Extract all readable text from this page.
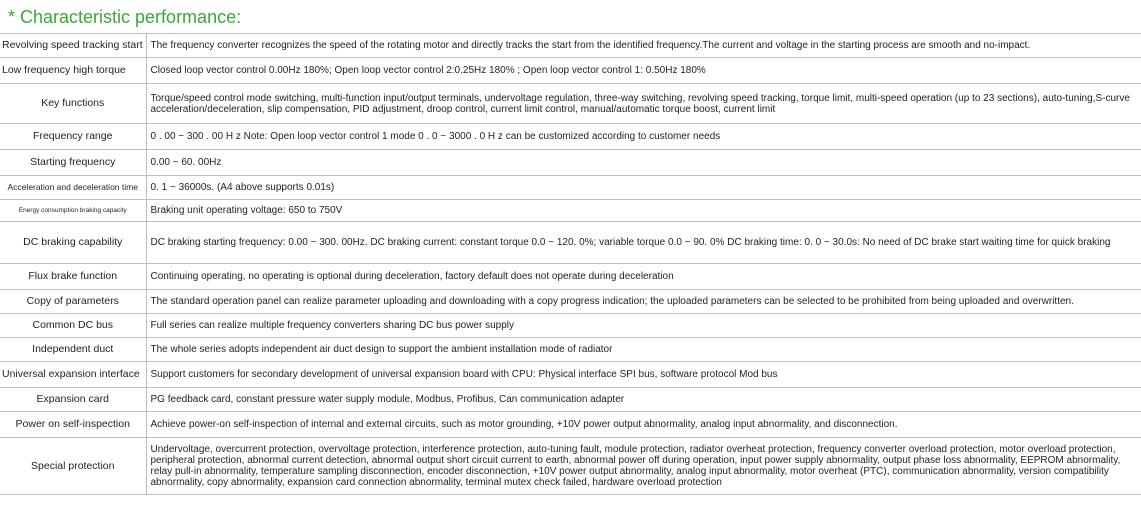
* Characteristic performance:
Revolving speed tracking start	The frequency converter recognizes the speed of the rotating motor and directly tracks the start from the identified frequency.The current and voltage in the starting process are smooth and no-impact.
Low frequency high torque	Closed loop vector control 0.00Hz 180%; Open loop vector control 2:0.25Hz 180% ; Open loop vector control 1: 0.50Hz 180%
Key functions	Torque/speed control mode switching, multi-function input/output terminals, undervoltage regulation, three-way switching, revolving speed tracking, torque limit, multi-speed operation (up to 23 sections), auto-tuning,S-curve acceleration/deceleration, slip compensation, PID adjustment, droop control, current limit control, manual/automatic torque boost, current limit
Frequency range	0 . 00 ~ 300 . 00 H z Note: Open loop vector control 1 mode 0 . 0 ~ 3000 . 0 H z can be customized according to customer needs
Starting frequency	0.00 ~ 60. 00Hz
Acceleration and deceleration time	0. 1 ~ 36000s. (A4 above supports 0.01s)
Energy consumption braking capacity	Braking unit operating voltage: 650 to 750V
DC braking capability	DC braking starting frequency: 0.00 ~ 300. 00Hz. DC braking current: constant torque 0.0 ~ 120. 0%; variable torque 0.0 ~ 90. 0% DC braking time: 0. 0 ~ 30.0s: No need of DC brake start waiting time for quick braking
Flux brake function	Continuing operating, no operating is optional during deceleration, factory default does not operate during deceleration
Copy of parameters	The standard operation panel can realize parameter uploading and downloading with a copy progress indication; the uploaded parameters can be selected to be prohibited from being uploaded and overwritten.
Common DC bus	Full series can realize multiple frequency converters sharing DC bus power supply
Independent duct	The whole series adopts independent air duct design to support the ambient installation mode of radiator
Universal expansion interface	Support customers for secondary development of universal expansion board with CPU: Physical interface SPI bus, software protocol Mod bus
Expansion card	PG feedback card, constant pressure water supply module, Modbus, Profibus, Can communication adapter
Power on self-inspection	Achieve power-on self-inspection of internal and external circuits, such as motor grounding, +10V power output abnormality, analog input abnormality, and disconnection.
Special protection	Undervoltage, overcurrent protection, overvoltage protection, interference protection, auto-tuning fault, module protection, radiator overheat protection, frequency converter overload protection, motor overload protection, peripheral protection, abnormal current detection, abnormal output short circuit current to earth, abnormal power off during operation, input power supply abnormality, output phase loss abnormality, EEPROM abnormality, relay pull-in abnormality, temperature sampling disconnection, encoder disconnection, +10V power output abnormality, analog input abnormality, motor overheat (PTC), communication abnormality, version compatibility abnormality, copy abnormality, expansion card connection abnormality, terminal mutex check failed, hardware overload protection
